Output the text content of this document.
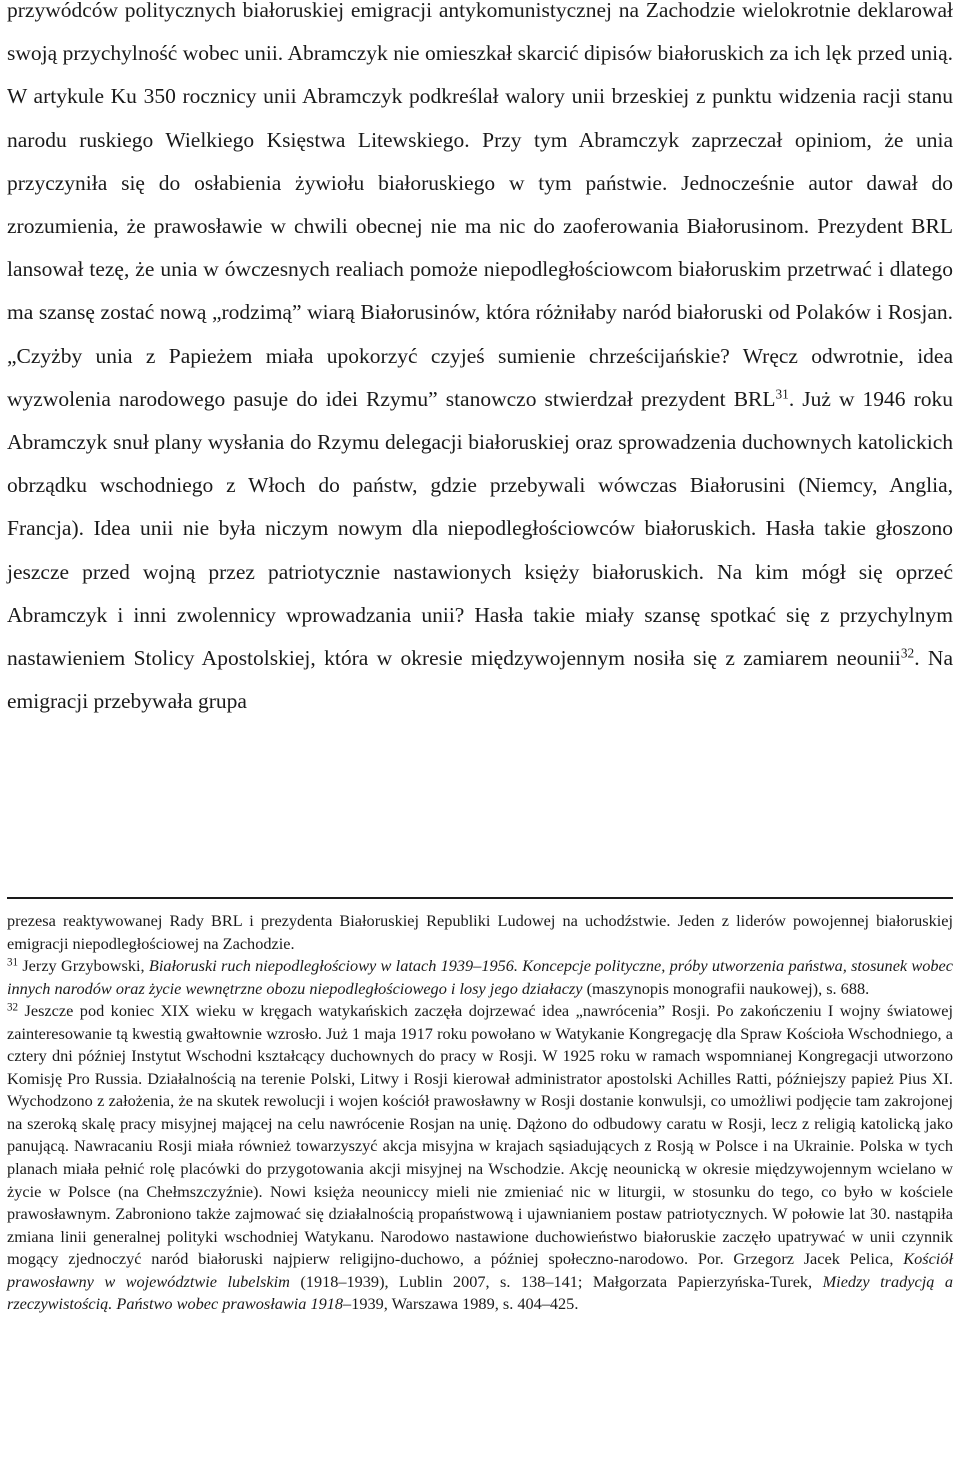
przywódców politycznych białoruskiej emigracji antykomunistycznej na Zachodzie wielokrotnie deklarował swoją przychylność wobec unii. Abramczyk nie omieszkał skarcić dipisów białoruskich za ich lęk przed unią. W artykule Ku 350 rocznicy unii Abramczyk podkreślał walory unii brzeskiej z punktu widzenia racji stanu narodu ruskiego Wielkiego Księstwa Litewskiego. Przy tym Abramczyk zaprzeczał opiniom, że unia przyczyniła się do osłabienia żywiołu białoruskiego w tym państwie. Jednocześnie autor dawał do zrozumienia, że prawosławie w chwili obecnej nie ma nic do zaoferowania Białorusinom. Prezydent BRL lansował tezę, że unia w ówczesnych realiach pomoże niepodległościowcom białoruskim przetrwać i dlatego ma szansę zostać nową „rodzimą” wiarą Białorusinów, która różniłaby naród białoruski od Polaków i Rosjan. „Czyżby unia z Papieżem miała upokorzyć czyjeś sumienie chrześcijańskie? Wręcz odwrotnie, idea wyzwolenia narodowego pasuje do idei Rzymu” stanowczo stwierdzał prezydent BRL$^{31}$. Już w 1946 roku Abramczyk snuł plany wysłania do Rzymu delegacji białoruskiej oraz sprowadzenia duchownych katolickich obrządku wschodniego z Włoch do państw, gdzie przebywali wówczas Białorusini (Niemcy, Anglia, Francja). Idea unii nie była niczym nowym dla niepodległościowców białoruskich. Hasła takie głoszono jeszcze przed wojną przez patriotycznie nastawionych księży białoruskich. Na kim mógł się oprzeć Abramczyk i inni zwolennicy wprowadzania unii? Hasła takie miały szansę spotkać się z przychylnym nastawieniem Stolicy Apostolskiej, która w okresie międzywojennym nosiła się z zamiarem neounii$^{32}$. Na emigracji przebywała grupa

prezesa reaktywowanej Rady BRL i prezydenta Białoruskiej Republiki Ludowej na uchodźstwie. Jeden z liderów powojennej białoruskiej emigracji niepodległościowej na Zachodzie.

$^{31}$ Jerzy Grzybowski, Białoruski ruch niepodległościowy w latach 1939–1956. Koncepcje polityczne, próby utworzenia państwa, stosunek wobec innych narodów oraz życie wewnętrzne obozu niepodległościowego i losy jego działaczy (maszynopis monografii naukowej), s. 688.

$^{32}$ Jeszcze pod koniec XIX wieku w kręgach watykańskich zaczęła dojrzewać idea „nawrócenia” Rosji. Po zakończeniu I wojny światowej zainteresowanie tą kwestią gwałtownie wzrosło. Już 1 maja 1917 roku powołano w Watykanie Kongregację dla Spraw Kościoła Wschodniego, a cztery dni później Instytut Wschodni kształcący duchownych do pracy w Rosji. W 1925 roku w ramach wspomnianej Kongregacji utworzono Komisję Pro Russia. Działalnością na terenie Polski, Litwy i Rosji kierował administrator apostolski Achilles Ratti, późniejszy papież Pius XI. Wychodzono z założenia, że na skutek rewolucji i wojen kościół prawosławny w Rosji dostanie konwulsji, co umożliwi podjęcie tam zakrojonej na szeroką skalę pracy misyjnej mającej na celu nawrócenie Rosjan na unię. Dążono do odbudowy caratu w Rosji, lecz z religią katolicką jako panującą. Nawracaniu Rosji miała również towarzyszyć akcja misyjna w krajach sąsiadujących z Rosją w Polsce i na Ukrainie. Polska w tych planach miała pełnić rolę placówki do przygotowania akcji misyjnej na Wschodzie. Akcję neounicką w okresie międzywojennym wcielano w życie w Polsce (na Chełmszczyźnie). Nowi księża neouniccy mieli nie zmieniać nic w liturgii, w stosunku do tego, co było w kościele prawosławnym. Zabroniono także zajmować się działalnością propaństwową i ujawnianiem postaw patriotycznych. W połowie lat 30. nastąpiła zmiana linii generalnej polityki wschodniej Watykanu. Narodowo nastawione duchowieństwo białoruskie zaczęło upatrywać w unii czynnik mogący zjednoczyć naród białoruski najpierw religijno-duchowo, a później społeczno-narodowo. Por. Grzegorz Jacek Pelica, Kościół prawosławny w województwie lubelskim (1918–1939), Lublin 2007, s. 138–141; Małgorzata Papierzyńska-Turek, Miedzy tradycją a rzeczywistością. Państwo wobec prawosławia 1918–1939, Warszawa 1989, s. 404–425.
